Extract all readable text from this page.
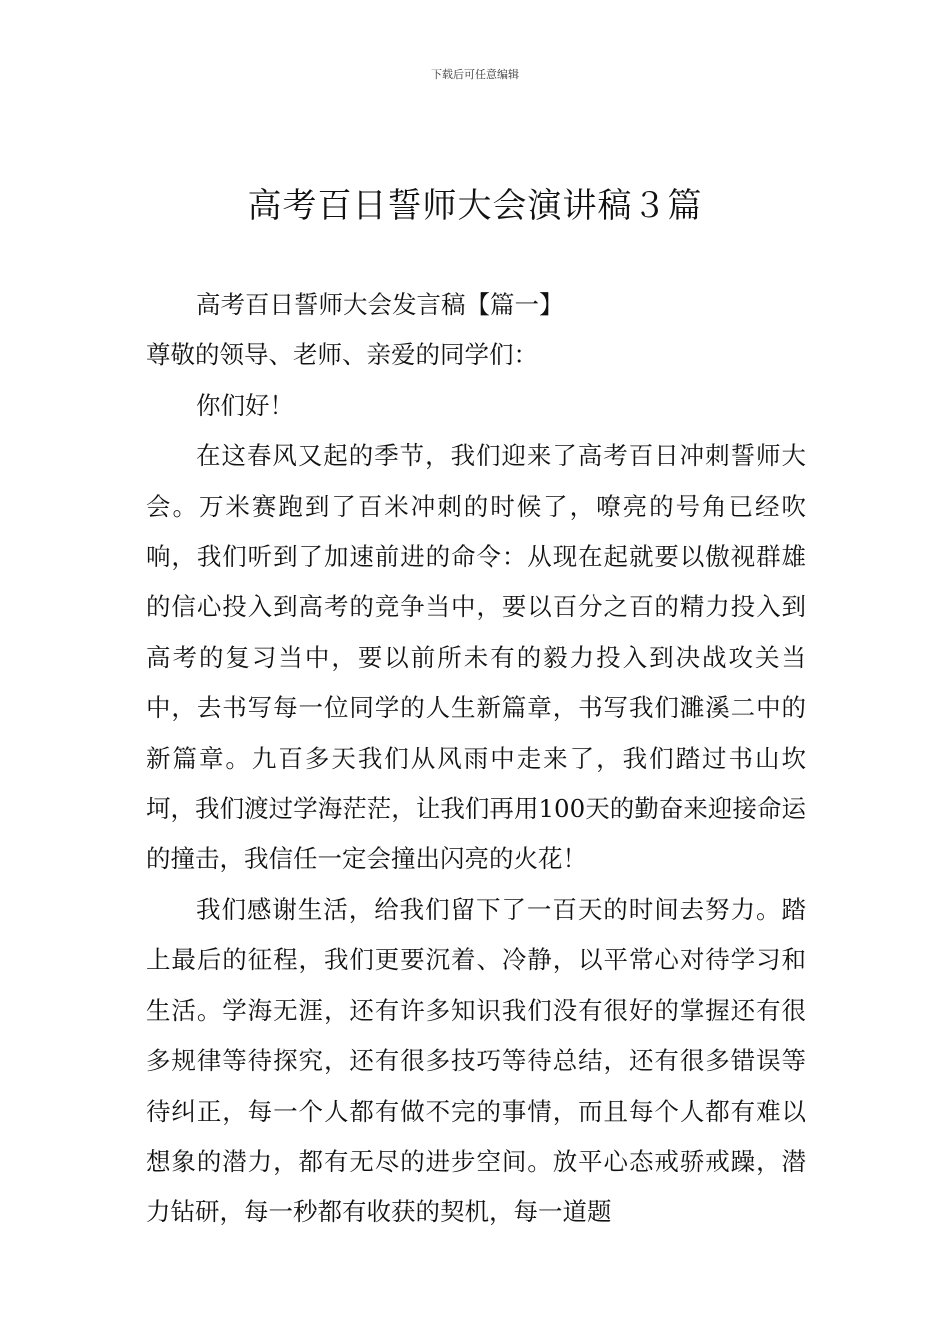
下载后可任意编辑
高考百日誓师大会演讲稿３篇

高考百日誓师大会发言稿【篇一】

尊敬的领导、老师、亲爱的同学们：

你们好！

在这春风又起的季节，我们迎来了高考百日冲刺誓师大会。万米赛跑到了百米冲刺的时候了，嘹亮的号角已经吹响，我们听到了加速前进的命令：从现在起就要以傲视群雄的信心投入到高考的竞争当中，要以百分之百的精力投入到高考的复习当中，要以前所未有的毅力投入到决战攻关当中，去书写每一位同学的人生新篇章，书写我们濉溪二中的新篇章。九百多天我们从风雨中走来了，我们踏过书山坎坷，我们渡过学海茫茫，让我们再用100天的勤奋来迎接命运的撞击，我信任一定会撞出闪亮的火花！

我们感谢生活，给我们留下了一百天的时间去努力。踏上最后的征程，我们更要沉着、冷静，以平常心对待学习和生活。学海无涯，还有许多知识我们没有很好的掌握还有很多规律等待探究，还有很多技巧等待总结，还有很多错误等待纠正，每一个人都有做不完的事情，而且每个人都有难以想象的潜力，都有无尽的进步空间。放平心态戒骄戒躁，潜力钻研，每一秒都有收获的契机，每一道题
